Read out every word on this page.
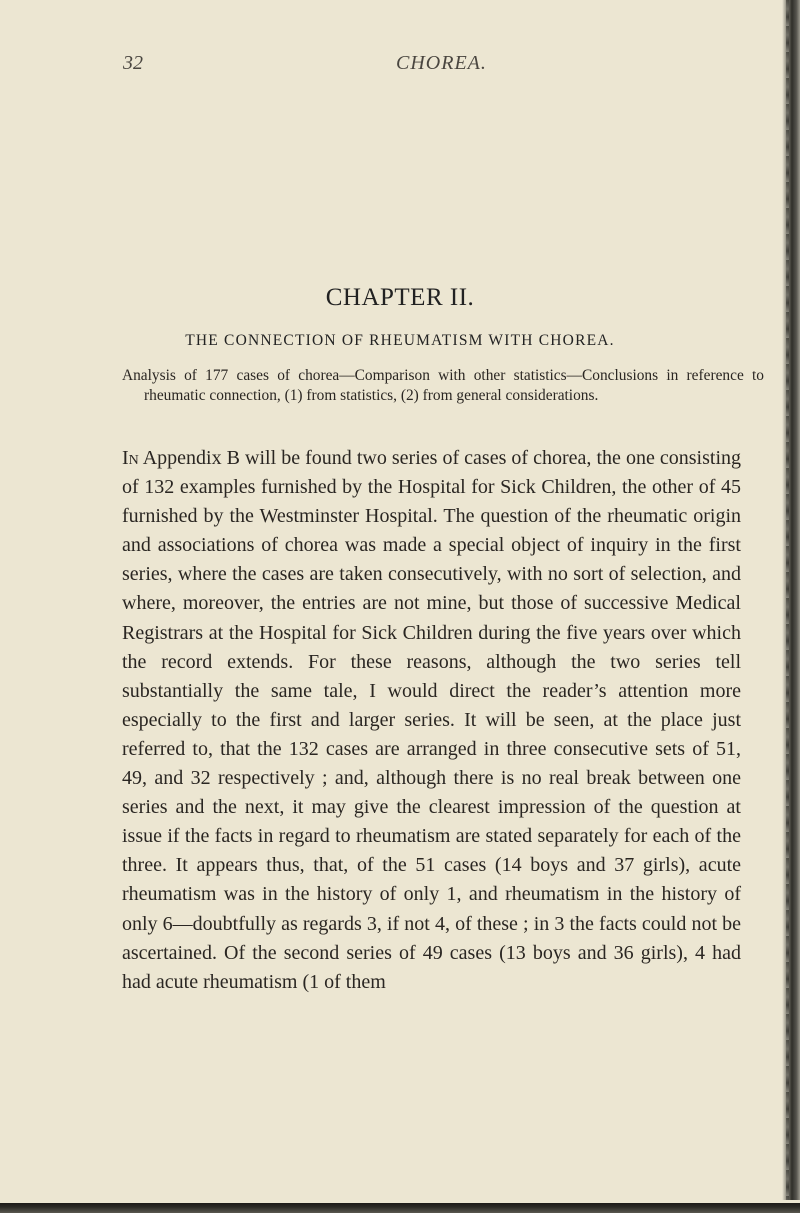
32	CHOREA.
CHAPTER II.
THE CONNECTION OF RHEUMATISM WITH CHOREA.
Analysis of 177 cases of chorea—Comparison with other statistics—Conclusions in reference to rheumatic connection, (1) from statistics, (2) from general considerations.

In Appendix B will be found two series of cases of chorea, the one consisting of 132 examples furnished by the Hospital for Sick Children, the other of 45 furnished by the Westminster Hospital. The question of the rheumatic origin and associations of chorea was made a special object of inquiry in the first series, where the cases are taken consecutively, with no sort of selection, and where, moreover, the entries are not mine, but those of successive Medical Registrars at the Hospital for Sick Children during the five years over which the record extends. For these reasons, although the two series tell substantially the same tale, I would direct the reader’s attention more especially to the first and larger series. It will be seen, at the place just referred to, that the 132 cases are arranged in three consecutive sets of 51, 49, and 32 respectively ; and, although there is no real break between one series and the next, it may give the clearest impression of the question at issue if the facts in regard to rheumatism are stated separately for each of the three. It appears thus, that, of the 51 cases (14 boys and 37 girls), acute rheumatism was in the history of only 1, and rheumatism in the history of only 6—doubtfully as regards 3, if not 4, of these ; in 3 the facts could not be ascertained. Of the second series of 49 cases (13 boys and 36 girls), 4 had had acute rheumatism (1 of them
